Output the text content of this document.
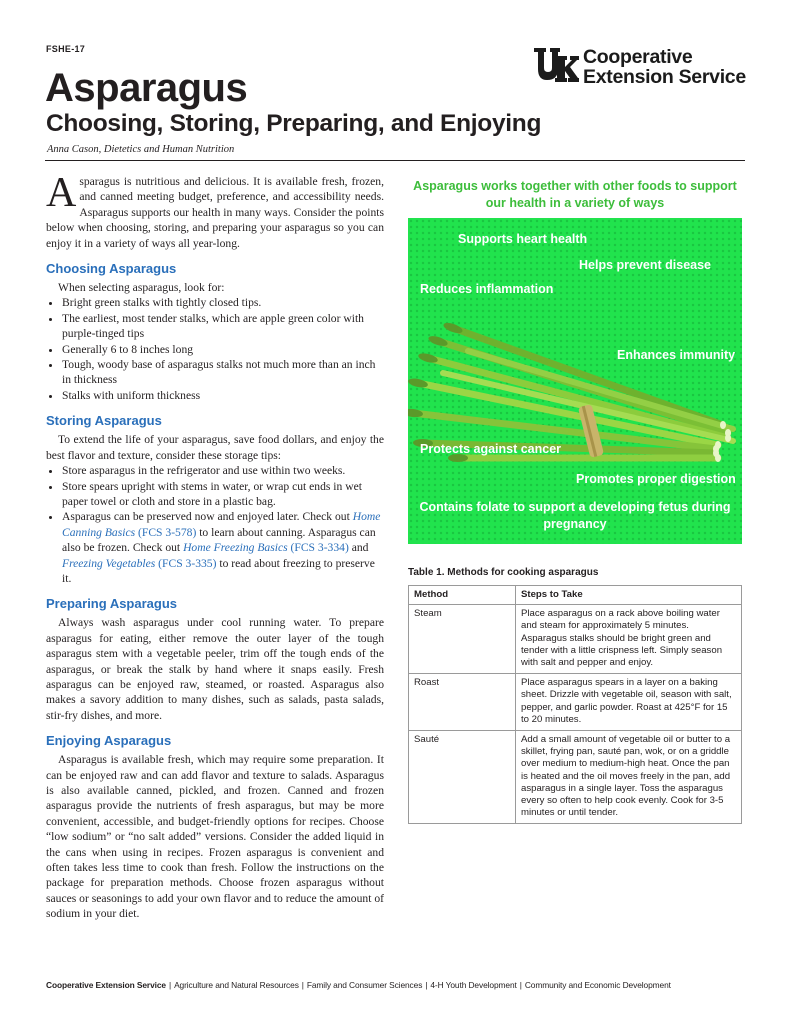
FSHE-17
Asparagus
Choosing, Storing, Preparing, and Enjoying
Anna Cason, Dietetics and Human Nutrition
Cooperative
Extension Service

Asparagus is nutritious and delicious. It is available fresh, frozen, and canned meeting budget, preference, and accessibility needs. Asparagus supports our health in many ways. Consider the points below when choosing, storing, and preparing your asparagus so you can enjoy it in a variety of ways all year-long.

Choosing Asparagus

When selecting asparagus, look for:

• Bright green stalks with tightly closed tips.
• The earliest, most tender stalks, which are apple green color with purple-tinged tips
• Generally 6 to 8 inches long
• Tough, woody base of asparagus stalks not much more than an inch in thickness
• Stalks with uniform thickness
Storing Asparagus

To extend the life of your asparagus, save food dollars, and enjoy the best flavor and texture, consider these storage tips:

• Store asparagus in the refrigerator and use within two weeks.
• Store spears upright with stems in water, or wrap cut ends in wet paper towel or cloth and store in a plastic bag.
• Asparagus can be preserved now and enjoyed later. Check out Home Canning Basics (FCS 3-578) to learn about canning. Asparagus can also be frozen. Check out Home Freezing Basics (FCS 3-334) and Freezing Vegetables (FCS 3-335) to read about freezing to preserve it.
Preparing Asparagus

Always wash asparagus under cool running water. To prepare asparagus for eating, either remove the outer layer of the tough asparagus stem with a vegetable peeler, trim off the tough ends of the asparagus, or break the stalk by hand where it snaps easily. Fresh asparagus can be enjoyed raw, steamed, or roasted. Asparagus also makes a savory addition to many dishes, such as salads, pasta salads, stir-fry dishes, and more.

Enjoying Asparagus

Asparagus is available fresh, which may require some preparation. It can be enjoyed raw and can add flavor and texture to salads. Asparagus is also available canned, pickled, and frozen. Canned and frozen asparagus provide the nutrients of fresh asparagus, but may be more convenient, accessible, and budget-friendly options for recipes. Choose “low sodium” or “no salt added” versions. Consider the added liquid in the cans when using in recipes. Frozen asparagus is convenient and often takes less time to cook than fresh. Follow the instructions on the package for preparation methods. Choose frozen asparagus without sauces or seasonings to add your own flavor and to reduce the amount of sodium in your diet.

Asparagus works together with other foods to support our health in a variety of ways
Supports heart health
Helps prevent disease
Reduces inflammation
Enhances immunity
Protects against cancer
Promotes proper digestion
Contains folate to support a developing fetus during pregnancy
Table 1. Methods for cooking asparagus
Method	Steps to Take
Steam	Place asparagus on a rack above boiling water and steam for approximately 5 minutes. Asparagus stalks should be bright green and tender with a little crispness left. Simply season with salt and pepper and enjoy.
Roast	Place asparagus spears in a layer on a baking sheet. Drizzle with vegetable oil, season with salt, pepper, and garlic powder. Roast at 425°F for 15 to 20 minutes.
Sauté	Add a small amount of vegetable oil or butter to a skillet, frying pan, sauté pan, wok, or on a griddle over medium to medium-high heat. Once the pan is heated and the oil moves freely in the pan, add asparagus in a single layer. Toss the asparagus every so often to help cook evenly. Cook for 3-5 minutes or until tender.
Cooperative Extension Service | Agriculture and Natural Resources | Family and Consumer Sciences | 4-H Youth Development | Community and Economic Development
